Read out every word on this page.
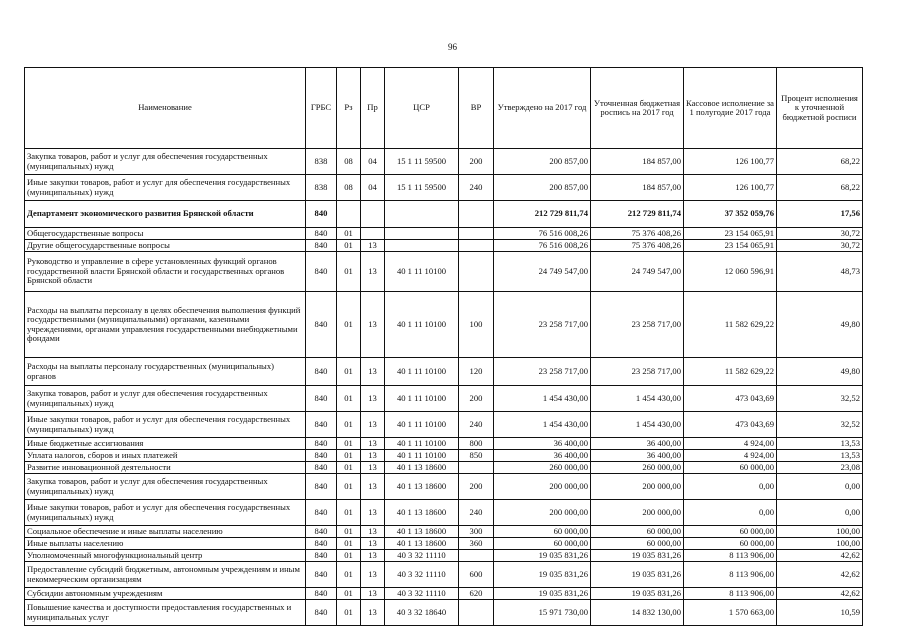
96
Наименование	ГРБС	Рз	Пр	ЦСР	ВР	Утверждено на 2017 год	Уточненная бюджетная роспись на 2017 год	Кассовое исполнение за 1 полугодие 2017 года	Процент исполнения к уточненной бюджетной росписи
Закупка товаров, работ и услуг для обеспечения государственных (муниципальных) нужд	838	08	04	15 1 11 59500	200	200 857,00	184 857,00	126 100,77	68,22
Иные закупки товаров, работ и услуг для обеспечения государственных (муниципальных) нужд	838	08	04	15 1 11 59500	240	200 857,00	184 857,00	126 100,77	68,22
Департамент экономического развития Брянской области	840					212 729 811,74	212 729 811,74	37 352 059,76	17,56
Общегосударственные вопросы	840	01				76 516 008,26	75 376 408,26	23 154 065,91	30,72
Другие общегосударственные вопросы	840	01	13			76 516 008,26	75 376 408,26	23 154 065,91	30,72
Руководство и управление в сфере установленных функций органов государственной власти Брянской области и государственных органов Брянской области	840	01	13	40 1 11 10100		24 749 547,00	24 749 547,00	12 060 596,91	48,73
Расходы на выплаты персоналу в целях обеспечения выполнения функций государственными (муниципальными) органами, казенными учреждениями, органами управления государственными внебюджетными фондами	840	01	13	40 1 11 10100	100	23 258 717,00	23 258 717,00	11 582 629,22	49,80
Расходы на выплаты персоналу государственных (муниципальных) органов	840	01	13	40 1 11 10100	120	23 258 717,00	23 258 717,00	11 582 629,22	49,80
Закупка товаров, работ и услуг для обеспечения государственных (муниципальных) нужд	840	01	13	40 1 11 10100	200	1 454 430,00	1 454 430,00	473 043,69	32,52
Иные закупки товаров, работ и услуг для обеспечения государственных (муниципальных) нужд	840	01	13	40 1 11 10100	240	1 454 430,00	1 454 430,00	473 043,69	32,52
Иные бюджетные ассигнования	840	01	13	40 1 11 10100	800	36 400,00	36 400,00	4 924,00	13,53
Уплата налогов, сборов и иных платежей	840	01	13	40 1 11 10100	850	36 400,00	36 400,00	4 924,00	13,53
Развитие инновационной деятельности	840	01	13	40 1 13 18600		260 000,00	260 000,00	60 000,00	23,08
Закупка товаров, работ и услуг для обеспечения государственных (муниципальных) нужд	840	01	13	40 1 13 18600	200	200 000,00	200 000,00	0,00	0,00
Иные закупки товаров, работ и услуг для обеспечения государственных (муниципальных) нужд	840	01	13	40 1 13 18600	240	200 000,00	200 000,00	0,00	0,00
Социальное обеспечение и иные выплаты населению	840	01	13	40 1 13 18600	300	60 000,00	60 000,00	60 000,00	100,00
Иные выплаты населению	840	01	13	40 1 13 18600	360	60 000,00	60 000,00	60 000,00	100,00
Уполномоченный многофункциональный центр	840	01	13	40 3 32 11110		19 035 831,26	19 035 831,26	8 113 906,00	42,62
Предоставление субсидий бюджетным, автономным учреждениям и иным некоммерческим организациям	840	01	13	40 3 32 11110	600	19 035 831,26	19 035 831,26	8 113 906,00	42,62
Субсидии автономным учреждениям	840	01	13	40 3 32 11110	620	19 035 831,26	19 035 831,26	8 113 906,00	42,62
Повышение качества и доступности предоставления государственных и муниципальных услуг	840	01	13	40 3 32 18640		15 971 730,00	14 832 130,00	1 570 663,00	10,59
